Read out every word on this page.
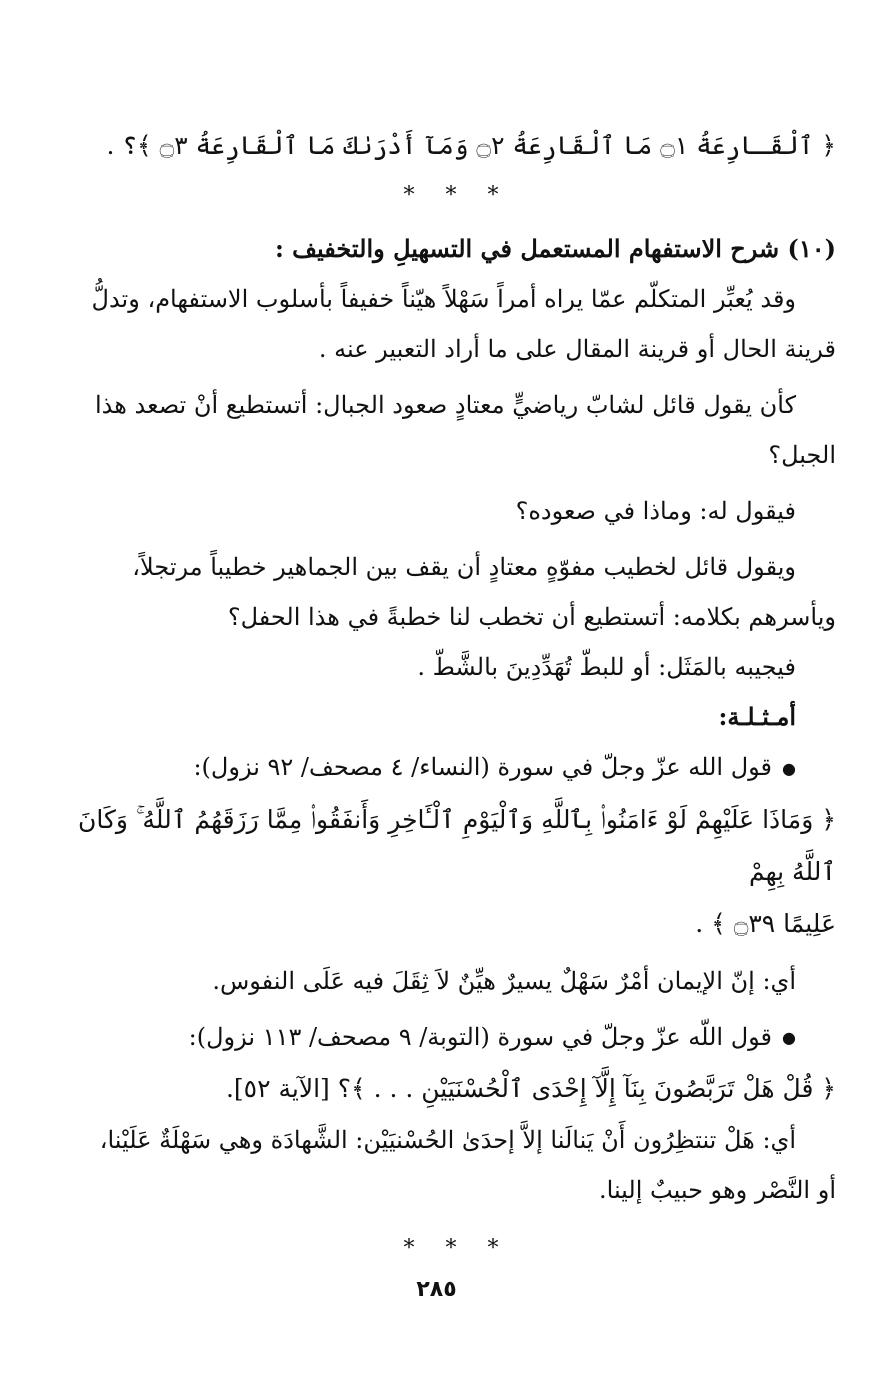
﴿ ٱلْقَـارِعَةُ ۝١ مَا ٱلْقَارِعَةُ ۝٢ وَمَآ أَدْرَىٰكَ مَا ٱلْقَارِعَةُ ۝٣ ﴾؟ .
* * *
(١٠) شرح الاستفهام المستعمل في التسهيلِ والتخفيف :
وقد يُعبِّر المتكلّم عمّا يراه أمراً سَهْلاً هيّناً خفيفاً بأسلوب الاستفهام، وتدلُّ
قرينة الحال أو قرينة المقال على ما أراد التعبير عنه .
كأن يقول قائل لشابّ رياضيٍّ معتادٍ صعود الجبال: أتستطيع أنْ تصعد هذا
الجبل؟
فيقول له: وماذا في صعوده؟
ويقول قائل لخطيب مفوّهٍ معتادٍ أن يقف بين الجماهير خطيباً مرتجلاً،
ويأسرهم بكلامه: أتستطيع أن تخطب لنا خطبةً في هذا الحفل؟
فيجيبه بالمَثَل: أو للبطّ تُهَدِّدِينَ بالشَّطّ .
أمـثـلـة:
● قول الله عزّ وجلّ في سورة (النساء/ ٤ مصحف/ ٩٢ نزول):
﴿ وَمَاذَا عَلَيْهِمْ لَوْ ءَامَنُوا۟ بِٱللَّهِ وَٱلْيَوْمِ ٱلْـَٔاخِرِ وَأَنفَقُوا۟ مِمَّا رَزَقَهُمُ ٱللَّهُ ۚ وَكَانَ ٱللَّهُ بِهِمْ
عَلِيمًا ۝٣٩ ﴾ .
أي: إنّ الإيمان أمْرٌ سَهْلٌ يسيرٌ هيِّنٌ لاَ ثِقَلَ فيه عَلَى النفوس.
● قول اللّه عزّ وجلّ في سورة (التوبة/ ٩ مصحف/ ١١٣ نزول):
﴿ قُلْ هَلْ تَرَبَّصُونَ بِنَآ إِلَّآ إِحْدَى ٱلْحُسْنَيَيْنِ . . . ﴾؟ [الآية ٥٢].
أي: هَلْ تنتظِرُون أَنْ يَنالَنا إلاَّ إحدَىٰ الحُسْنيَيْن: الشَّهادَة وهي سَهْلَةٌ عَلَيْنا،
أو النَّصْر وهو حبيبٌ إلينا.
* * *
٢٨٥
